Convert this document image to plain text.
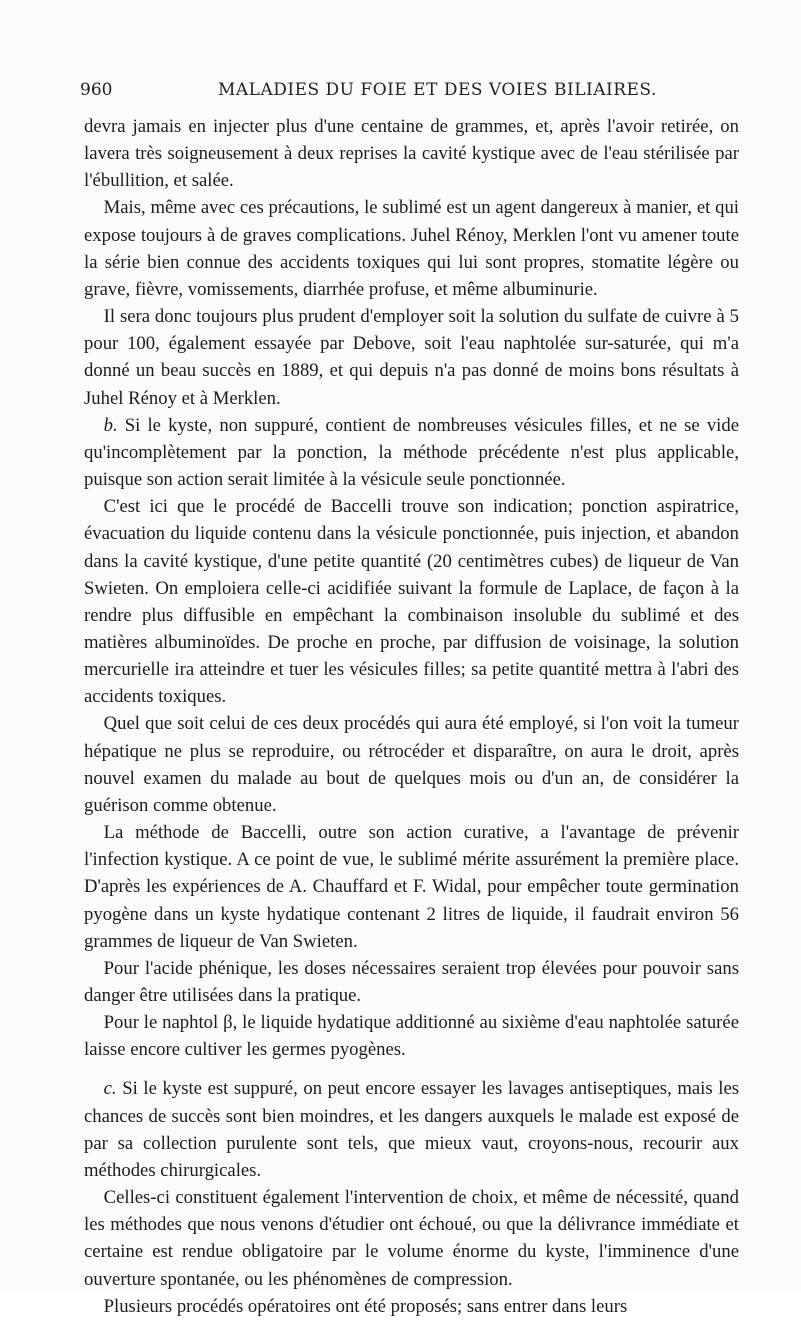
960	MALADIES DU FOIE ET DES VOIES BILIAIRES.

devra jamais en injecter plus d'une centaine de grammes, et, après l'avoir retirée, on lavera très soigneusement à deux reprises la cavité kystique avec de l'eau stérilisée par l'ébullition, et salée.

Mais, même avec ces précautions, le sublimé est un agent dangereux à manier, et qui expose toujours à de graves complications. Juhel Rénoy, Merklen l'ont vu amener toute la série bien connue des accidents toxiques qui lui sont propres, stomatite légère ou grave, fièvre, vomissements, diarrhée profuse, et même albuminurie.

Il sera donc toujours plus prudent d'employer soit la solution du sulfate de cuivre à 5 pour 100, également essayée par Debove, soit l'eau naphtolée sur-saturée, qui m'a donné un beau succès en 1889, et qui depuis n'a pas donné de moins bons résultats à Juhel Rénoy et à Merklen.

b. Si le kyste, non suppuré, contient de nombreuses vésicules filles, et ne se vide qu'incomplètement par la ponction, la méthode précédente n'est plus applicable, puisque son action serait limitée à la vésicule seule ponctionnée.

C'est ici que le procédé de Baccelli trouve son indication; ponction aspiratrice, évacuation du liquide contenu dans la vésicule ponctionnée, puis injection, et abandon dans la cavité kystique, d'une petite quantité (20 centimètres cubes) de liqueur de Van Swieten. On emploiera celle-ci acidifiée suivant la formule de Laplace, de façon à la rendre plus diffusible en empêchant la combinaison insoluble du sublimé et des matières albuminoïdes. De proche en proche, par diffusion de voisinage, la solution mercurielle ira atteindre et tuer les vésicules filles; sa petite quantité mettra à l'abri des accidents toxiques.

Quel que soit celui de ces deux procédés qui aura été employé, si l'on voit la tumeur hépatique ne plus se reproduire, ou rétrocéder et disparaître, on aura le droit, après nouvel examen du malade au bout de quelques mois ou d'un an, de considérer la guérison comme obtenue.

La méthode de Baccelli, outre son action curative, a l'avantage de prévenir l'infection kystique. A ce point de vue, le sublimé mérite assurément la première place. D'après les expériences de A. Chauffard et F. Widal, pour empêcher toute germination pyogène dans un kyste hydatique contenant 2 litres de liquide, il faudrait environ 56 grammes de liqueur de Van Swieten.

Pour l'acide phénique, les doses nécessaires seraient trop élevées pour pouvoir sans danger être utilisées dans la pratique.

Pour le naphtol β, le liquide hydatique additionné au sixième d'eau naphtolée saturée laisse encore cultiver les germes pyogènes.

c. Si le kyste est suppuré, on peut encore essayer les lavages antiseptiques, mais les chances de succès sont bien moindres, et les dangers auxquels le malade est exposé de par sa collection purulente sont tels, que mieux vaut, croyons-nous, recourir aux méthodes chirurgicales.

Celles-ci constituent également l'intervention de choix, et même de nécessité, quand les méthodes que nous venons d'étudier ont échoué, ou que la délivrance immédiate et certaine est rendue obligatoire par le volume énorme du kyste, l'imminence d'une ouverture spontanée, ou les phénomènes de compression.

Plusieurs procédés opératoires ont été proposés; sans entrer dans leurs
